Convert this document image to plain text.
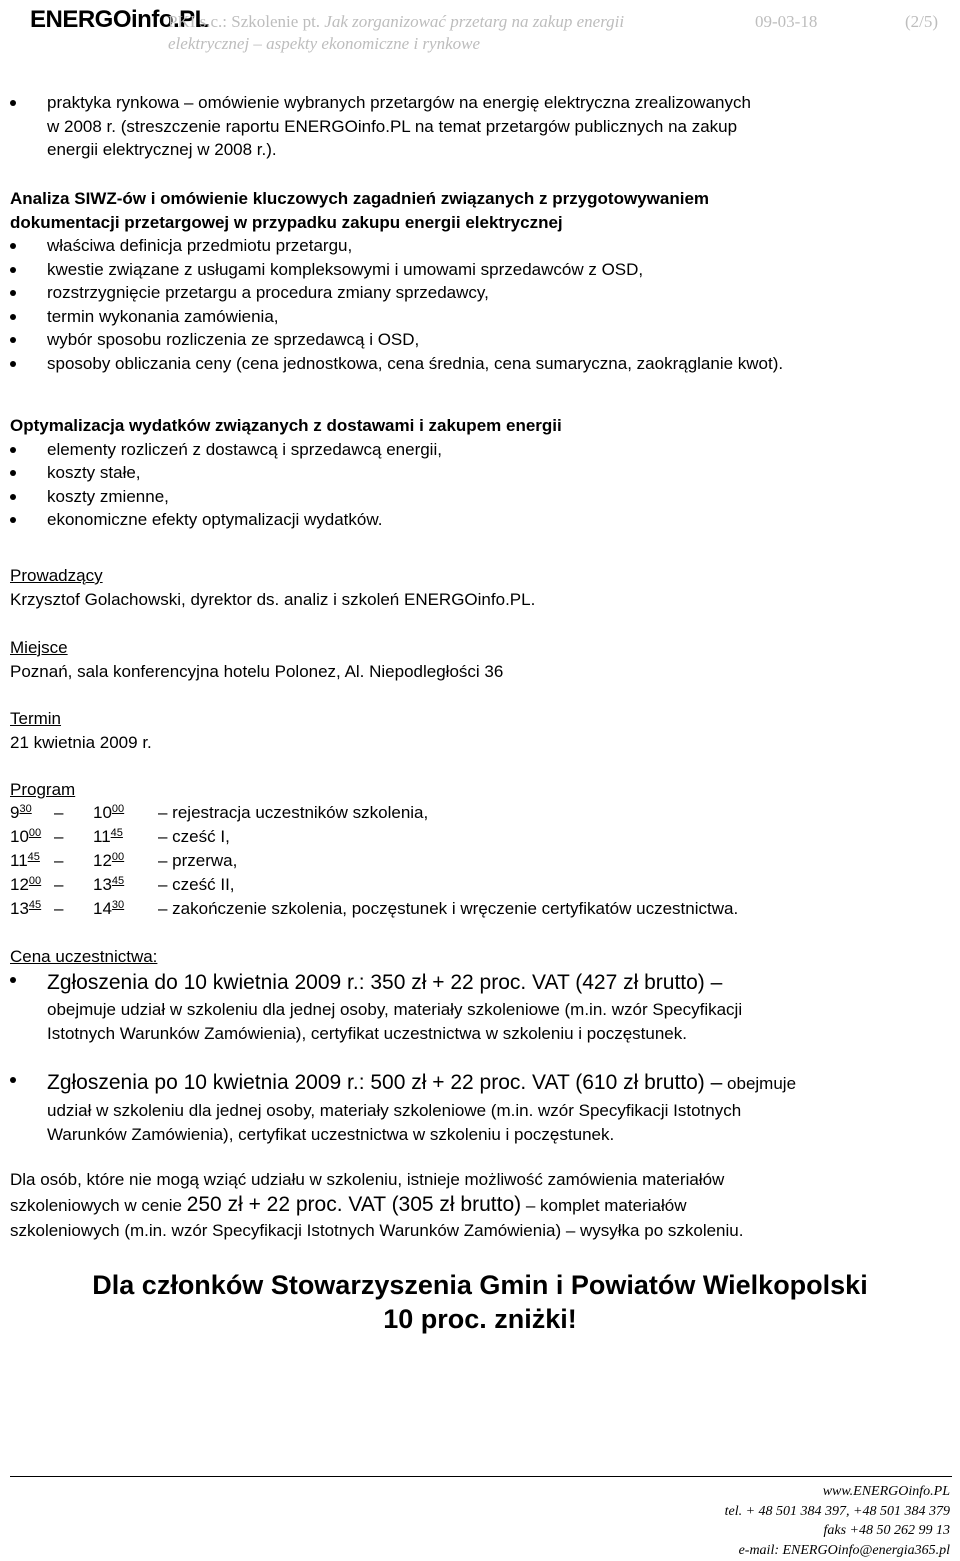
ENERGOinfo.PL
PKI s.c.: Szkolenie pt. Jak zorganizować przetarg na zakup energii
elektrycznej – aspekty ekonomiczne i rynkowe
09-03-18	(2/5)
praktyka rynkowa – omówienie wybranych przetargów na energię elektryczna zrealizowanych
w 2008 r. (streszczenie raportu ENERGOinfo.PL na temat przetargów publicznych na zakup
energii elektrycznej w 2008 r.).
Analiza SIWZ-ów i omówienie kluczowych zagadnień związanych z przygotowywaniem
dokumentacji przetargowej w przypadku zakupu energii elektrycznej
właściwa definicja przedmiotu przetargu,
kwestie związane z usługami kompleksowymi i umowami sprzedawców z OSD,
rozstrzygnięcie przetargu a procedura zmiany sprzedawcy,
termin wykonania zamówienia,
wybór sposobu rozliczenia ze sprzedawcą i OSD,
sposoby obliczania ceny (cena jednostkowa, cena średnia, cena sumaryczna, zaokrąglanie kwot).
Optymalizacja wydatków związanych z dostawami i zakupem energii
elementy rozliczeń z dostawcą i sprzedawcą energii,
koszty stałe,
koszty zmienne,
ekonomiczne efekty optymalizacji wydatków.
Prowadzący
Krzysztof Golachowski, dyrektor ds. analiz i szkoleń ENERGOinfo.PL.
Miejsce
Poznań, sala konferencyjna hotelu Polonez, Al. Niepodległości 36
Termin
21 kwietnia 2009 r.
Program
$9^{30} - 10^{00}$ – rejestracja uczestników szkolenia,
$10^{00} - 11^{45}$ – cześć I,
$11^{45} - 12^{00}$ – przerwa,
$12^{00} - 13^{45}$ – cześć II,
$13^{45} - 14^{30}$ – zakończenie szkolenia, poczęstunek i wręczenie certyfikatów uczestnictwa.
Cena uczestnictwa:
Zgłoszenia do 10 kwietnia 2009 r.: 350 zł + 22 proc. VAT (427 zł brutto) –
obejmuje udział w szkoleniu dla jednej osoby, materiały szkoleniowe (m.in. wzór Specyfikacji
Istotnych Warunków Zamówienia), certyfikat uczestnictwa w szkoleniu i poczęstunek.
Zgłoszenia po 10 kwietnia 2009 r.: 500 zł + 22 proc. VAT (610 zł brutto) – obejmuje
udział w szkoleniu dla jednej osoby, materiały szkoleniowe (m.in. wzór Specyfikacji Istotnych
Warunków Zamówienia), certyfikat uczestnictwa w szkoleniu i poczęstunek.
Dla osób, które nie mogą wziąć udziału w szkoleniu, istnieje możliwość zamówienia materiałów
szkoleniowych w cenie 250 zł + 22 proc. VAT (305 zł brutto) – komplet materiałów
szkoleniowych (m.in. wzór Specyfikacji Istotnych Warunków Zamówienia) – wysyłka po szkoleniu.
Dla członków Stowarzyszenia Gmin i Powiatów Wielkopolski
10 proc. zniżki!
www.ENERGOinfo.PL
tel. + 48 501 384 397, +48 501 384 379
faks +48 50 262 99 13
e-mail: ENERGOinfo@energia365.pl
